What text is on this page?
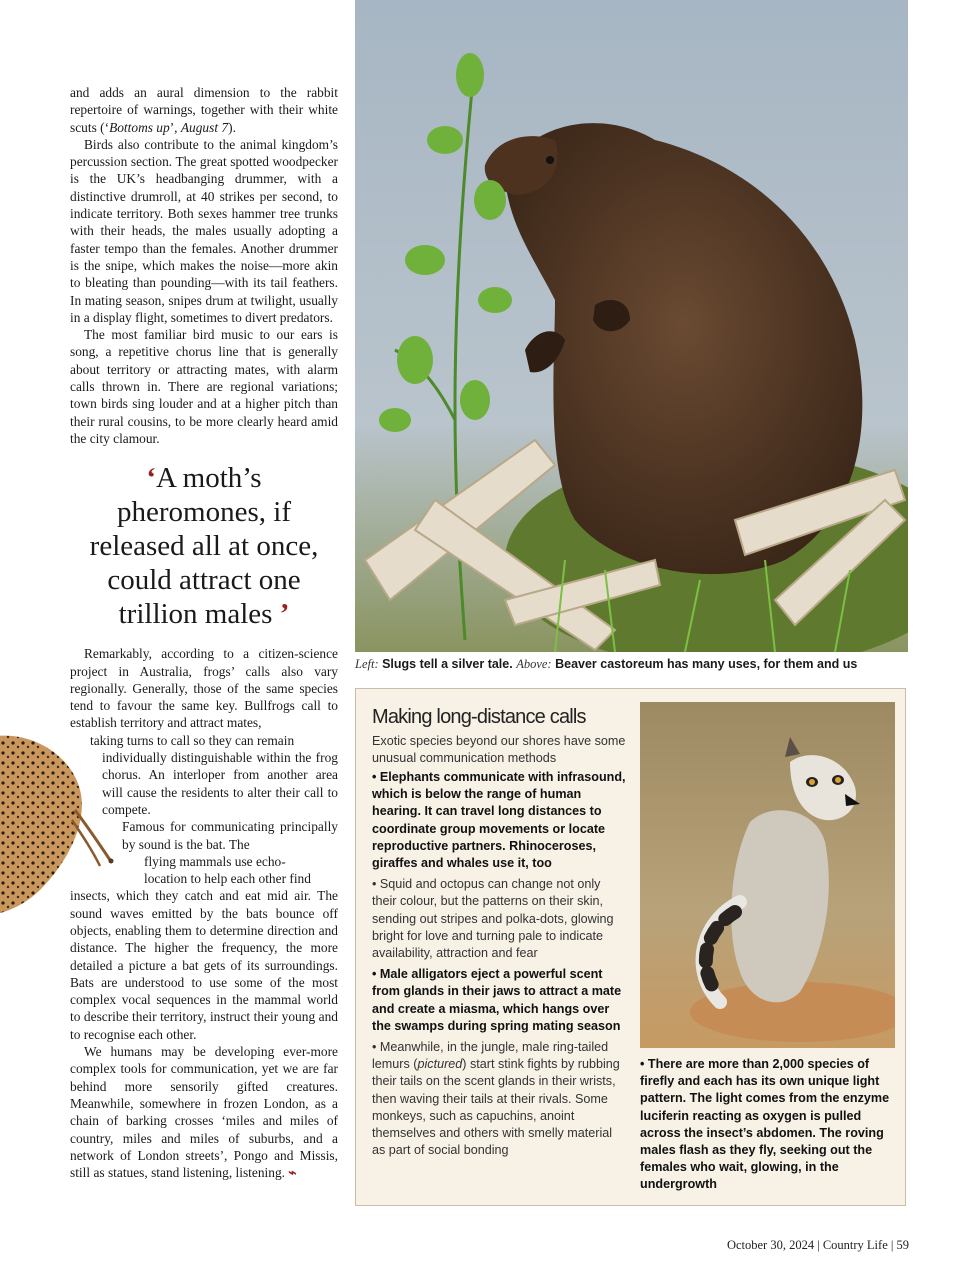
and adds an aural dimension to the rabbit repertoire of warnings, together with their white scuts (‘Bottoms up’, August 7).

Birds also contribute to the animal kingdom’s percussion section. The great spotted woodpecker is the UK’s headbanging drummer, with a distinctive drumroll, at 40 strikes per second, to indicate territory. Both sexes hammer tree trunks with their heads, the males usually adopting a faster tempo than the females. Another drummer is the snipe, which makes the noise—more akin to bleating than pounding—with its tail feathers. In mating season, snipes drum at twilight, usually in a display flight, sometimes to divert predators.

The most familiar bird music to our ears is song, a repetitive chorus line that is generally about territory or attracting mates, with alarm calls thrown in. There are regional variations; town birds sing louder and at a higher pitch than their rural cousins, to be more clearly heard amid the city clamour.

‘A moth’s pheromones, if released all at once, could attract one trillion males ’

Remarkably, according to a citizen-science project in Australia, frogs’ calls also vary regionally. Generally, those of the same species tend to favour the same key. Bullfrogs call to establish territory and attract mates,

taking turns to call so they can remain
individually distinguishable within the frog chorus. An interloper from another area will cause the residents to alter their call to compete.
Famous for communicating principally by sound is the bat. The
flying mammals use echo-
location to help each other find
insects, which they catch and eat mid air. The sound waves emitted by the bats bounce off objects, enabling them to determine direction and distance. The higher the frequency, the more detailed a picture a bat gets of its surroundings. Bats are understood to use some of the most complex vocal sequences in the mammal world to describe their territory, instruct their young and to recognise each other.

We humans may be developing ever-more complex tools for communication, yet we are far behind more sensorily gifted creatures. Meanwhile, somewhere in frozen London, as a chain of barking crosses ‘miles and miles of country, miles and miles of suburbs, and a network of London streets’, Pongo and Missis, still as statues, stand listening, listening. ⌁

Left: Slugs tell a silver tale. Above: Beaver castoreum has many uses, for them and us
Making long-distance calls
Exotic species beyond our shores have some unusual communication methods
• Elephants communicate with infrasound, which is below the range of human hearing. It can travel long distances to coordinate group movements or locate reproductive partners. Rhinoceroses, giraffes and whales use it, too
• Squid and octopus can change not only their colour, but the patterns on their skin, sending out stripes and polka-dots, glowing bright for love and turning pale to indicate availability, attraction and fear
• Male alligators eject a powerful scent from glands in their jaws to attract a mate and create a miasma, which hangs over the swamps during spring mating season
• Meanwhile, in the jungle, male ring-tailed lemurs (pictured) start stink fights by rubbing their tails on the scent glands in their wrists, then waving their tails at their rivals. Some monkeys, such as capuchins, anoint themselves and others with smelly material as part of social bonding
• There are more than 2,000 species of firefly and each has its own unique light pattern. The light comes from the enzyme luciferin reacting as oxygen is pulled across the insect’s abdomen. The roving males flash as they fly, seeking out the females who wait, glowing, in the undergrowth
October 30, 2024 | Country Life | 59
